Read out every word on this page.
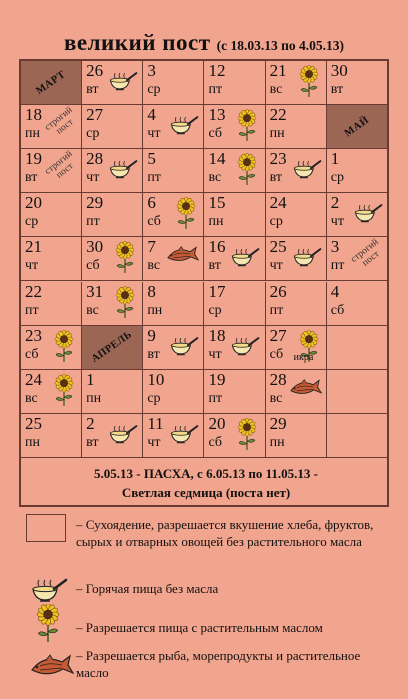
великий пост (с 18.03.13 по 4.05.13)
5.05.13 - ПАСХА, с 6.05.13 по 11.05.13 -
Светлая седмица (поста нет)
МАРТ
АПРЕЛЬ
МАЙ
26
вт
3
ср
12
пт
21
вс
30
вт
18
пн
строгий пост
27
ср
4
чт
13
сб
22
пн
19
вт
строгий пост
28
чт
5
пт
14
вс
23
вт
1
ср
20
ср
29
пт
6
сб
15
пн
24
ср
2
чт
21
чт
30
сб
7
вс
16
вт
25
чт
3
пт
строгий пост
22
пт
31
вс
8
пн
17
ср
26
пт
4
сб
23
сб
9
вт
18
чт
27
сб икра
24
вс
1
пн
10
ср
19
пт
28
вс
25
пн
2
вт
11
чт
20
сб
29
пн
– Сухоядение, разрешается вкушение хлеба, фруктов, сырых и отварных овощей без растительного масла
– Горячая пища без масла
– Разрешается пища с растительным маслом
– Разрешается рыба, морепродукты и растительное масло
